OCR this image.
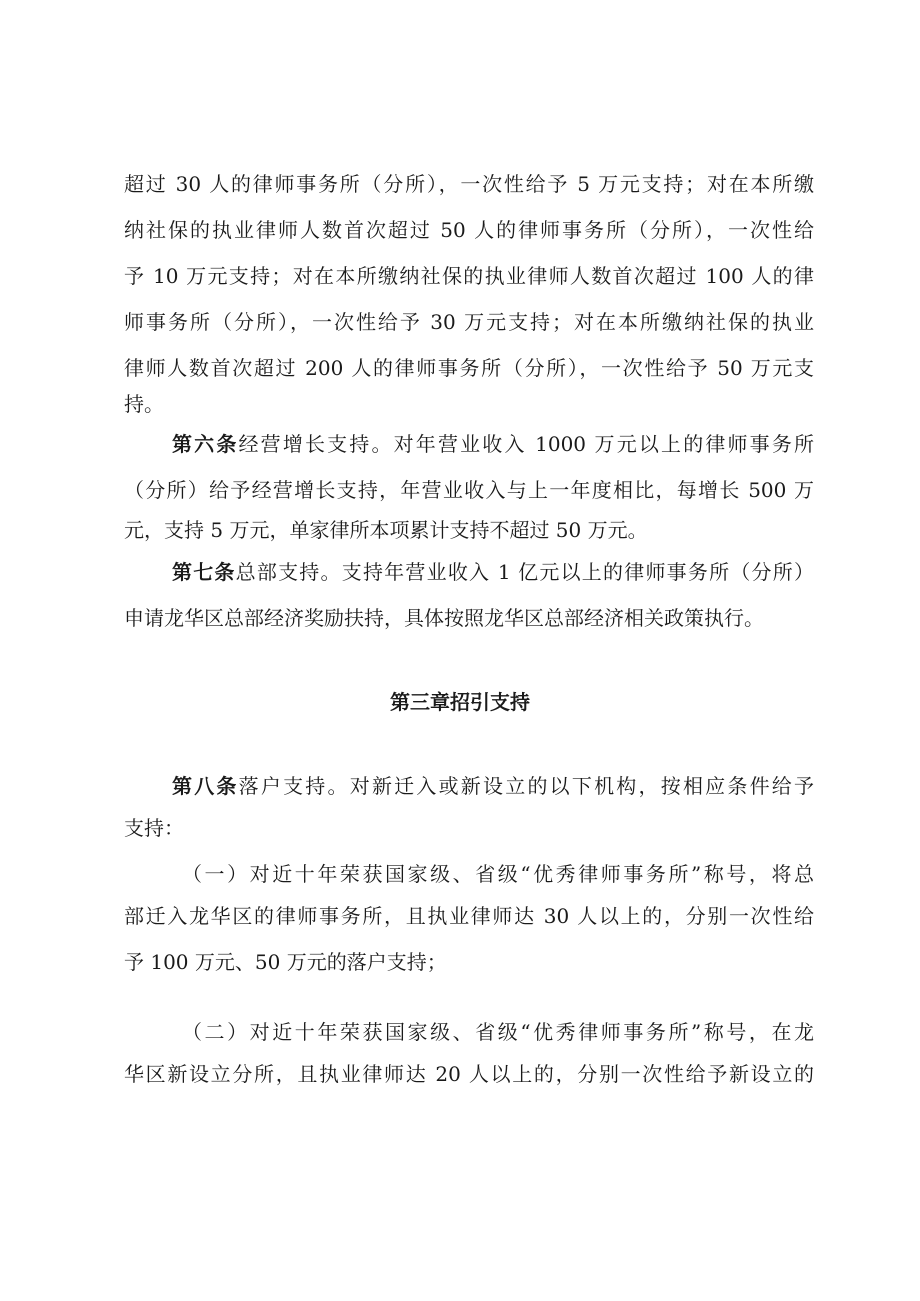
超过 30 人的律师事务所（分所），一次性给予 5 万元支持；对在本所缴
纳社保的执业律师人数首次超过 50 人的律师事务所（分所），一次性给
予 10 万元支持；对在本所缴纳社保的执业律师人数首次超过 100 人的律
师事务所（分所），一次性给予 30 万元支持；对在本所缴纳社保的执业
律师人数首次超过 200 人的律师事务所（分所），一次性给予 50 万元支
持。
第六条经营增长支持。对年营业收入 1000 万元以上的律师事务所
（分所）给予经营增长支持，年营业收入与上一年度相比，每增长 500 万
元，支持 5 万元，单家律所本项累计支持不超过 50 万元。
第七条总部支持。支持年营业收入 1 亿元以上的律师事务所（分所）
申请龙华区总部经济奖励扶持，具体按照龙华区总部经济相关政策执行。
第三章招引支持
第八条落户支持。对新迁入或新设立的以下机构，按相应条件给予
支持：
（一）对近十年荣获国家级、省级“优秀律师事务所”称号，将总
部迁入龙华区的律师事务所，且执业律师达 30 人以上的，分别一次性给
予 100 万元、50 万元的落户支持；
（二）对近十年荣获国家级、省级“优秀律师事务所”称号，在龙
华区新设立分所，且执业律师达 20 人以上的，分别一次性给予新设立的
